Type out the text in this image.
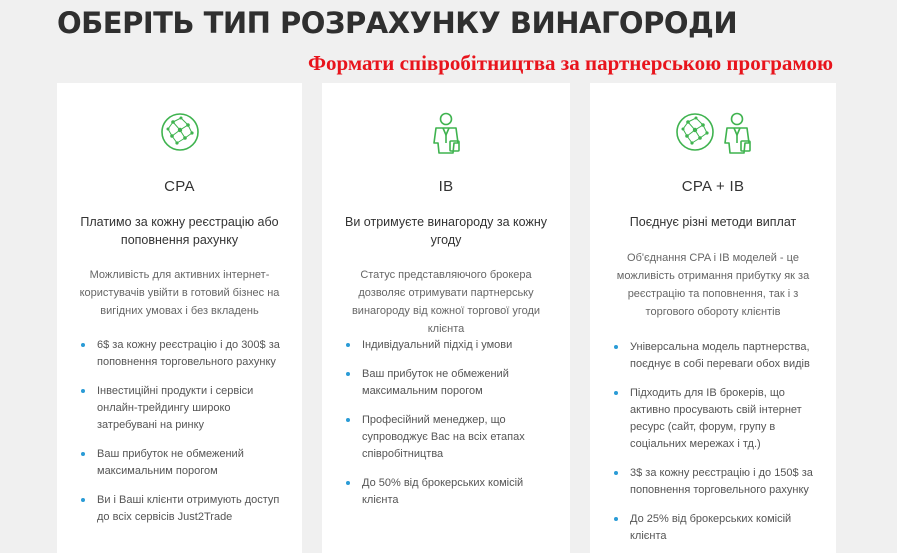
ОБЕРІТЬ ТИП РОЗРАХУНКУ ВИНАГОРОДИ
Формати співробітництва за партнерською програмою
CPA
Платимо за кожну реєстрацію або поповнення рахунку
Можливість для активних інтернет-користувачів увійти в готовий бізнес на вигідних умовах і без вкладень
6$ за кожну реєстрацію і до 300$ за поповнення торговельного рахунку
Інвестиційні продукти і сервіси онлайн-трейдингу широко затребувані на ринку
Ваш прибуток не обмежений максимальним порогом
Ви і Ваші клієнти отримують доступ до всіх сервісів Just2Trade
IB
Ви отримуєте винагороду за кожну угоду
Статус представляючого брокера дозволяє отримувати партнерську винагороду від кожної торгової угоди клієнта
Індивідуальний підхід і умови
Ваш прибуток не обмежений максимальним порогом
Професійний менеджер, що супроводжує Вас на всіх етапах співробітництва
До 50% від брокерських комісій клієнта
CPA + IB
Поєднує різні методи виплат
Об'єднання CPA і IB моделей - це можливість отримання прибутку як за реєстрацію та поповнення, так і з торгового обороту клієнтів
Універсальна модель партнерства, поєднує в собі переваги обох видів
Підходить для IB брокерів, що активно просувають свій інтернет ресурс (сайт, форум, групу в соціальних мережах і тд.)
3$ за кожну реєстрацію і до 150$ за поповнення торговельного рахунку
До 25% від брокерських комісій клієнта
